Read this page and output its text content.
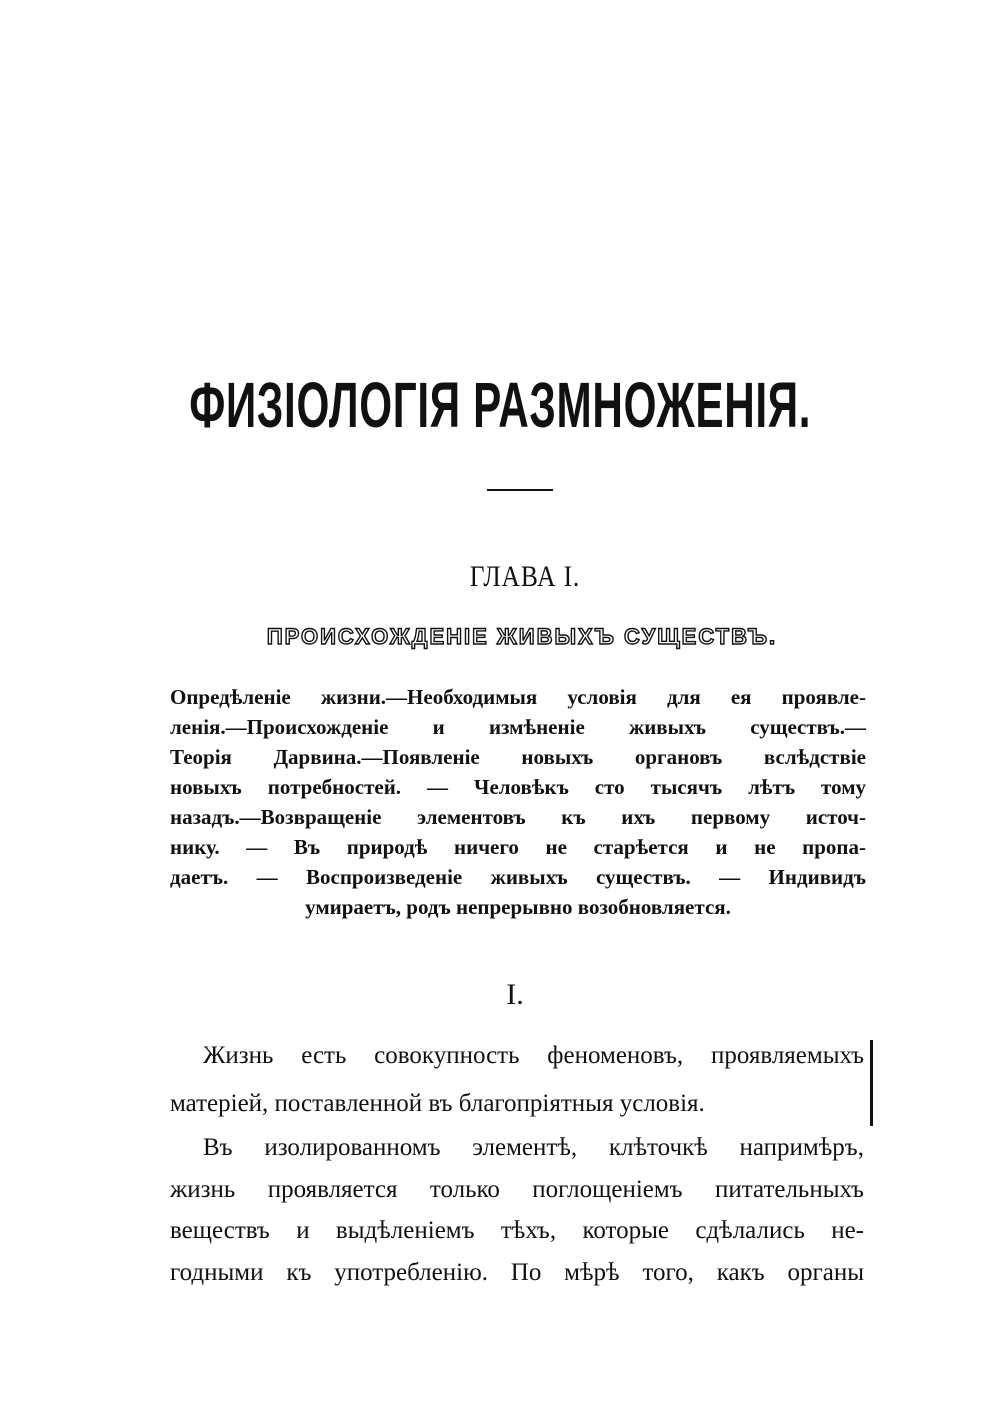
ФИЗІОЛОГІЯ РАЗМНОЖЕНІЯ.
ГЛАВА I.
ПРОИСХОЖДЕНІЕ ЖИВЫХЪ СУЩЕСТВЪ.
Опредѣленіе жизни.—Необходимыя условія для ея проявле-
ленія.—Происхожденіе и измѣненіе живыхъ существъ.—
Теорія Дарвина.—Появленіе новыхъ органовъ вслѣдствіе
новыхъ потребностей. — Человѣкъ сто тысячъ лѣтъ тому
назадъ.—Возвращеніе элементовъ къ ихъ первому источ-
нику. — Въ природѣ ничего не старѣется и не пропа-
даетъ. — Воспроизведеніе живыхъ существъ. — Индивидъ
умираетъ, родъ непрерывно возобновляется.
I.
Жизнь есть совокупность феноменовъ, проявляемыхъ
матеріей, поставленной въ благопріятныя условія.
Въ изолированномъ элементѣ, клѣточкѣ напримѣръ,
жизнь проявляется только поглощеніемъ питательныхъ
веществъ и выдѣленіемъ тѣхъ, которые сдѣлались не-
годными къ употребленію. По мѣрѣ того, какъ органы
